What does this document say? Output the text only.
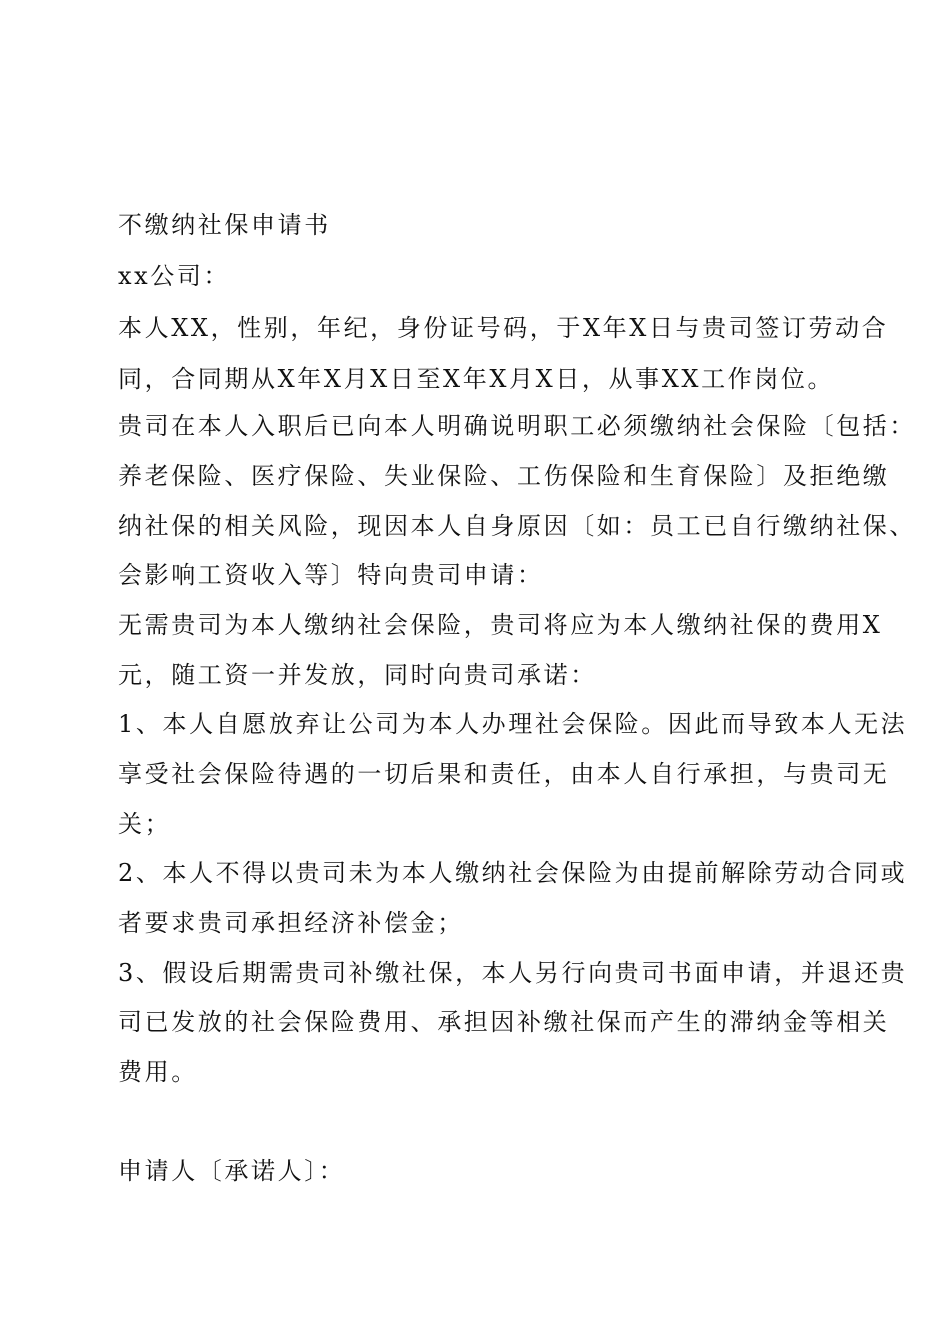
不缴纳社保申请书
xx公司：
本人XX，性别，年纪，身份证号码，于X年X日与贵司签订劳动合
同，合同期从X年X月X日至X年X月X日，从事XX工作岗位。
贵司在本人入职后已向本人明确说明职工必须缴纳社会保险〔包括：
养老保险、医疗保险、失业保险、工伤保险和生育保险〕及拒绝缴
纳社保的相关风险，现因本人自身原因〔如：员工已自行缴纳社保、
会影响工资收入等〕特向贵司申请：
无需贵司为本人缴纳社会保险，贵司将应为本人缴纳社保的费用X
元，随工资一并发放，同时向贵司承诺：
1、本人自愿放弃让公司为本人办理社会保险。因此而导致本人无法
享受社会保险待遇的一切后果和责任，由本人自行承担，与贵司无
关；
2、本人不得以贵司未为本人缴纳社会保险为由提前解除劳动合同或
者要求贵司承担经济补偿金；
3、假设后期需贵司补缴社保，本人另行向贵司书面申请，并退还贵
司已发放的社会保险费用、承担因补缴社保而产生的滞纳金等相关
费用。
申请人〔承诺人〕：
